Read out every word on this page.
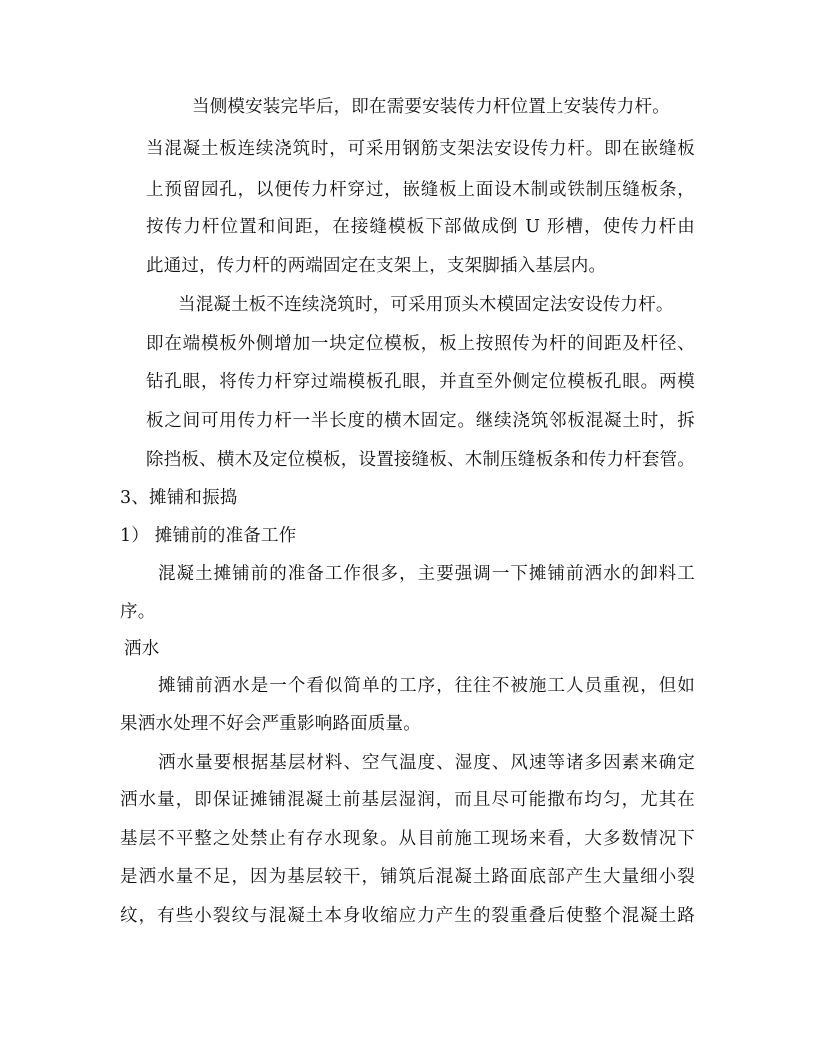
当侧模安装完毕后，即在需要安装传力杆位置上安装传力杆。

当混凝土板连续浇筑时，可采用钢筋支架法安设传力杆。即在嵌缝板

上预留园孔，以便传力杆穿过，嵌缝板上面设木制或铁制压缝板条，

按传力杆位置和间距，在接缝模板下部做成倒 U 形槽，使传力杆由

此通过，传力杆的两端固定在支架上，支架脚插入基层内。

当混凝土板不连续浇筑时，可采用顶头木模固定法安设传力杆。

即在端模板外侧增加一块定位模板，板上按照传为杆的间距及杆径、

钻孔眼，将传力杆穿过端模板孔眼，并直至外侧定位模板孔眼。两模

板之间可用传力杆一半长度的横木固定。继续浇筑邻板混凝土时，拆

除挡板、横木及定位模板，设置接缝板、木制压缝板条和传力杆套管。

3、摊铺和振捣

1） 摊铺前的准备工作

混凝土摊铺前的准备工作很多，主要强调一下摊铺前洒水的卸料工

序。

洒水

摊铺前洒水是一个看似简单的工序，往往不被施工人员重视，但如

果洒水处理不好会严重影响路面质量。

洒水量要根据基层材料、空气温度、湿度、风速等诸多因素来确定

洒水量，即保证摊铺混凝土前基层湿润，而且尽可能撒布均匀，尤其在

基层不平整之处禁止有存水现象。从目前施工现场来看，大多数情况下

是洒水量不足，因为基层较干，铺筑后混凝土路面底部产生大量细小裂

纹，有些小裂纹与混凝土本身收缩应力产生的裂重叠后使整个混凝土路
